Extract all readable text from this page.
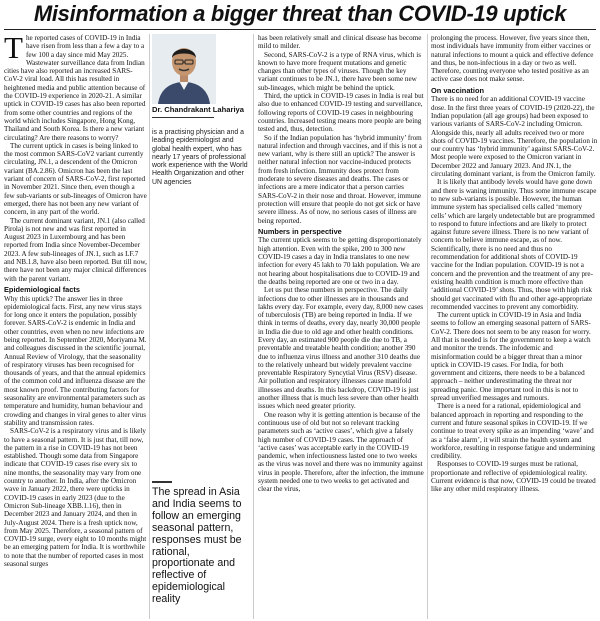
Misinformation a bigger threat than COVID-19 uptick

The reported cases of COVID-19 in India have risen from less than a few a day to a few 100 a day since mid May 2025. Wastewater surveillance data from Indian cities have also reported an increased SARS-CoV-2 viral load. All this has resulted in heightened media and public attention because of the COVID-19 experience in 2020-21. A similar uptick in COVID-19 cases has also been reported from some other countries and regions of the world which includes Singapore, Hong Kong, Thailand and South Korea. Is there a new variant circulating? Are there reasons to worry?

The current uptick in cases is being linked to the most common SARS-CoV2 variant currently circulating, JN.1, a descendent of the Omicron variant (BA.2.86). Omicron has been the last variant of concern of SARS-CoV-2, first reported in November 2021. Since then, even though a few sub-variants or sub-lineages of Omicron have emerged, there has not been any new variant of concern, in any part of the world.

The current dominant variant, JN.1 (also called Pirola) is not new and was first reported in August 2023 in Luxembourg and has been reported from India since November-December 2023. A few sub-lineages of JN.1, such as LF.7 and NB.1.8, have also been reported. But till now, there have not been any major clinical differences with the parent variant.

Epidemiological facts

Why this uptick? The answer lies in three epidemiological facts. First, any new virus stays for long once it enters the population, possibly forever. SARS-CoV-2 is endemic in India and other countries, even when no new infections are being reported. In September 2020, Moriyama M. and colleagues discussed in the scientific journal, Annual Review of Virology, that the seasonality of respiratory viruses has been recognised for thousands of years, and that the annual epidemics of the common cold and influenza disease are the most known proof. The contributing factors for seasonality are environmental parameters such as temperature and humidity, human behaviour and crowding and changes in viral genes to alter virus stability and transmission rates.

SARS-CoV-2 is a respiratory virus and is likely to have a seasonal pattern. It is just that, till now, the pattern in a rise in COVID-19 has not been established. Though some data from Singapore indicate that COVID-19 cases rise every six to nine months, the seasonality may vary from one country to another. In India, after the Omicron wave in January 2022, there were upticks in COVID-19 cases in early 2023 (due to the Omicron Sub-lineage XBB.1.16), then in December 2023 and January 2024, and then in July-August 2024. There is a fresh uptick now, from May 2025. Therefore, a seasonal pattern of COVID-19 surge, every eight to 10 months might be an emerging pattern for India. It is worthwhile to note that the number of reported cases in most seasonal surges

Dr. Chandrakant Lahariya
is a practising physician and a leading epidemiologist and global health expert, who has nearly 17 years of professional work experience with the World Health Organization and other UN agencies
The spread in Asia and India seems to follow an emerging seasonal pattern, responses must be rational, proportionate and reflective of epidemiological reality

has been relatively small and clinical disease has become mild to milder.

Second, SARS-CoV-2 is a type of RNA virus, which is known to have more frequent mutations and genetic changes than other types of viruses. Though the key variant continues to be JN.1, there have been some new sub-lineages, which might be behind the uptick.

Third, the uptick in COVID-19 cases in India is real but also due to enhanced COVID-19 testing and surveillance, following reports of COVID-19 cases in neighbouring countries. Increased testing means more people are being tested and, thus, detection.

So if the Indian population has ‘hybrid immunity’ from natural infection and through vaccines, and if this is not a new variant, why is there still an uptick? The answer is neither natural infection nor vaccine-induced protects from fresh infection. Immunity does protect from moderate to severe diseases and deaths. The cases or infections are a mere indicator that a person carries SARS-CoV-2 in their nose and throat. However, immune protection will ensure that people do not get sick or have severe illness. As of now, no serious cases of illness are being reported.

Numbers in perspective

The current uptick seems to be getting disproportionately high attention. Even with the spike, 200 to 300 new COVID-19 cases a day in India translates to one new infection for every 45 lakh to 70 lakh population. We are not hearing about hospitalisations due to COVID-19 and the deaths being reported are one or two in a day.

Let us put these numbers in perspective. The daily infections due to other illnesses are in thousands and lakhs every day. For example, every day, 8,000 new cases of tuberculosis (TB) are being reported in India. If we think in terms of deaths, every day, nearly 30,000 people in India die due to old age and other health conditions. Every day, an estimated 900 people die due to TB, a preventable and treatable health condition; another 390 due to influenza virus illness and another 310 deaths due to the relatively unheard but widely prevalent vaccine preventable Respiratory Syncytial Virus (RSV) disease. Air pollution and respiratory illnesses cause manifold illnesses and deaths. In this backdrop, COVID-19 is just another illness that is much less severe than other health issues which need greater priority.

One reason why it is getting attention is because of the continuous use of old but not so relevant tracking parameters such as ‘active cases’, which give a falsely high number of COVID-19 cases. The approach of ‘active cases’ was acceptable early in the COVID-19 pandemic, when infectiousness lasted one to two weeks as the virus was novel and there was no immunity against virus in people. Therefore, after the infection, the immune system needed one to two weeks to get activated and clear the virus,

prolonging the process. However, five years since then, most individuals have immunity from either vaccines or natural infections to mount a quick and effective defence and thus, be non-infectious in a day or two as well. Therefore, counting everyone who tested positive as an active case does not make sense.

On vaccination

There is no need for an additional COVID-19 vaccine dose. In the first three years of COVID-19 (2020-22), the Indian population (all age groups) had been exposed to various variants of SARS-CoV-2 including Omicron. Alongside this, nearly all adults received two or more shots of COVID-19 vaccines. Therefore, the population in our country has ‘hybrid immunity’ against SARS-CoV-2. Most people were exposed to the Omicron variant in December 2022 and January 2023. And JN.1, the circulating dominant variant, is from the Omicron family.

It is likely that antibody levels would have gone down and there is waning immunity. Thus some immune escape to new sub-variants is possible. However, the human immune system has specialised cells called ‘memory cells’ which are largely undetectable but are programmed to respond to future infections and are likely to protect against future severe illness. There is no new variant of concern to believe immune escape, as of now. Scientifically, there is no need and thus no recommendation for additional shots of COVID-19 vaccine for the Indian population. COVID-19 is not a concern and the prevention and the treatment of any pre-existing health condition is much more effective than ‘additional COVID-19’ shots. Thus, those with high risk should get vaccinated with flu and other age-appropriate recommended vaccines to prevent any comorbidity.

The current uptick in COVID-19 in Asia and India seems to follow an emerging seasonal pattern of SARS-CoV-2. There does not seem to be any reason for worry. All that is needed is for the government to keep a watch and monitor the trends. The infodemic and misinformation could be a bigger threat than a minor uptick in COVID-19 cases. For India, for both government and citizens, there needs to be a balanced approach – neither underestimating the threat nor spreading panic. One important tool in this is not to spread unverified messages and rumours.

There is a need for a rational, epidemiological and balanced approach in reporting and responding to the current and future seasonal spikes in COVID-19. If we continue to treat every spike as an impending ‘wave’ and as a ‘false alarm’, it will strain the health system and workforce, resulting in response fatigue and undermining credibility.

Responses to COVID-19 surges must be rational, proportionate and reflective of epidemiological reality. Current evidence is that now, COVID-19 could be treated like any other mild respiratory illness.
